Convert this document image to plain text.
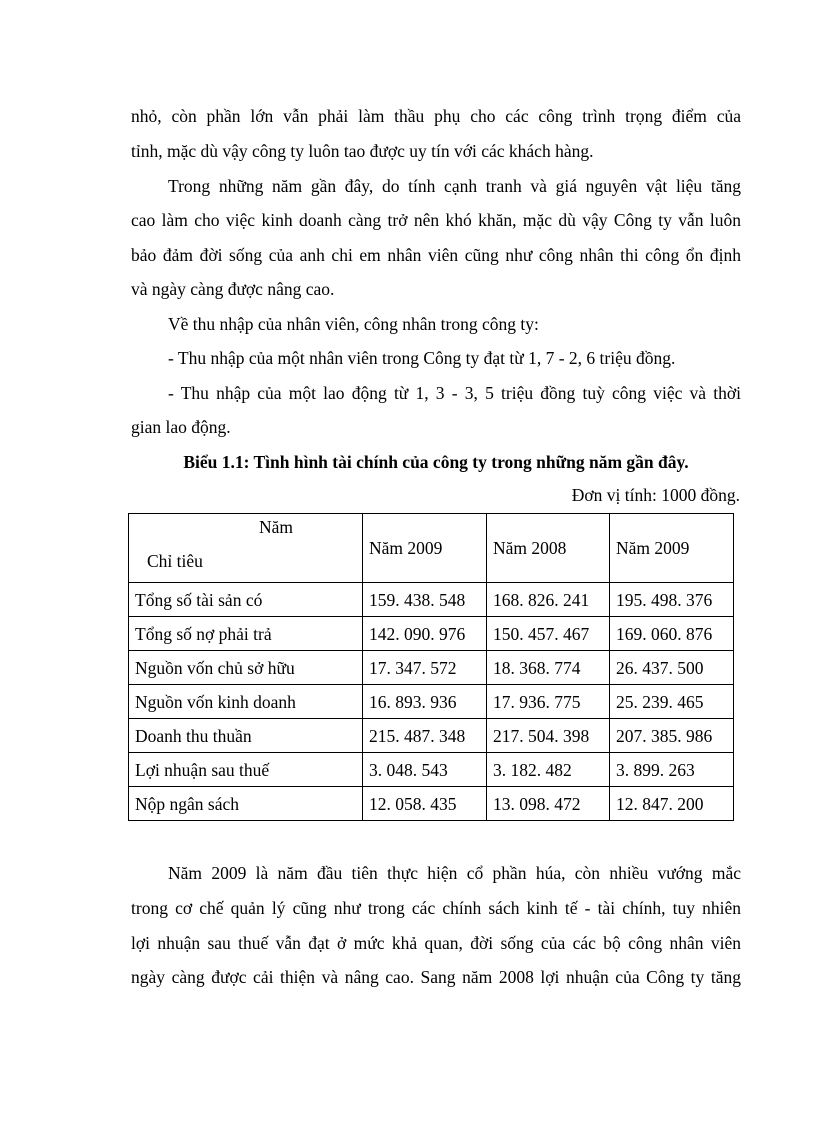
nhỏ, còn phần lớn vẫn phải làm thầu phụ cho các công trình trọng điểm của
tỉnh, mặc dù vậy công ty luôn tao được uy tín với các khách hàng.
Trong những năm gần đây, do tính cạnh tranh và giá nguyên vật liệu tăng
cao làm cho việc kinh doanh càng trở nên khó khăn, mặc dù vậy Công ty vẫn luôn
bảo đảm đời sống của anh chi em nhân viên cũng như công nhân thi công ổn định
và ngày càng được nâng cao.
Về thu nhập của nhân viên, công nhân trong công ty:
- Thu nhập của một nhân viên trong Công ty đạt từ 1, 7 - 2, 6 triệu đồng.
- Thu nhập của một lao động từ 1, 3 - 3, 5 triệu đồng tuỳ công việc và thời
gian lao động.
Biểu 1.1: Tình hình tài chính của công ty trong những năm gần đây.
Đơn vị tính: 1000 đồng.
Năm
Chỉ tiêu	Năm 2009	Năm 2008	Năm 2009
Tổng số tài sản có	159. 438. 548	168. 826. 241	195. 498. 376
Tổng số nợ phải trả	142. 090. 976	150. 457. 467	169. 060. 876
Nguồn vốn chủ sở hữu	17. 347. 572	18. 368. 774	26. 437. 500
Nguồn vốn kinh doanh	16. 893. 936	17. 936. 775	25. 239. 465
Doanh thu thuần	215. 487. 348	217. 504. 398	207. 385. 986
Lợi nhuận sau thuế	3. 048. 543	3. 182. 482	3. 899. 263
Nộp ngân sách	12. 058. 435	13. 098. 472	12. 847. 200
Năm 2009 là năm đầu tiên thực hiện cổ phần húa, còn nhiều vướng mắc
trong cơ chế quản lý cũng như trong các chính sách kinh tế - tài chính, tuy nhiên
lợi nhuận sau thuế vẫn đạt ở mức khả quan, đời sống của các bộ công nhân viên
ngày càng được cải thiện và nâng cao. Sang năm 2008 lợi nhuận của Công ty tăng
